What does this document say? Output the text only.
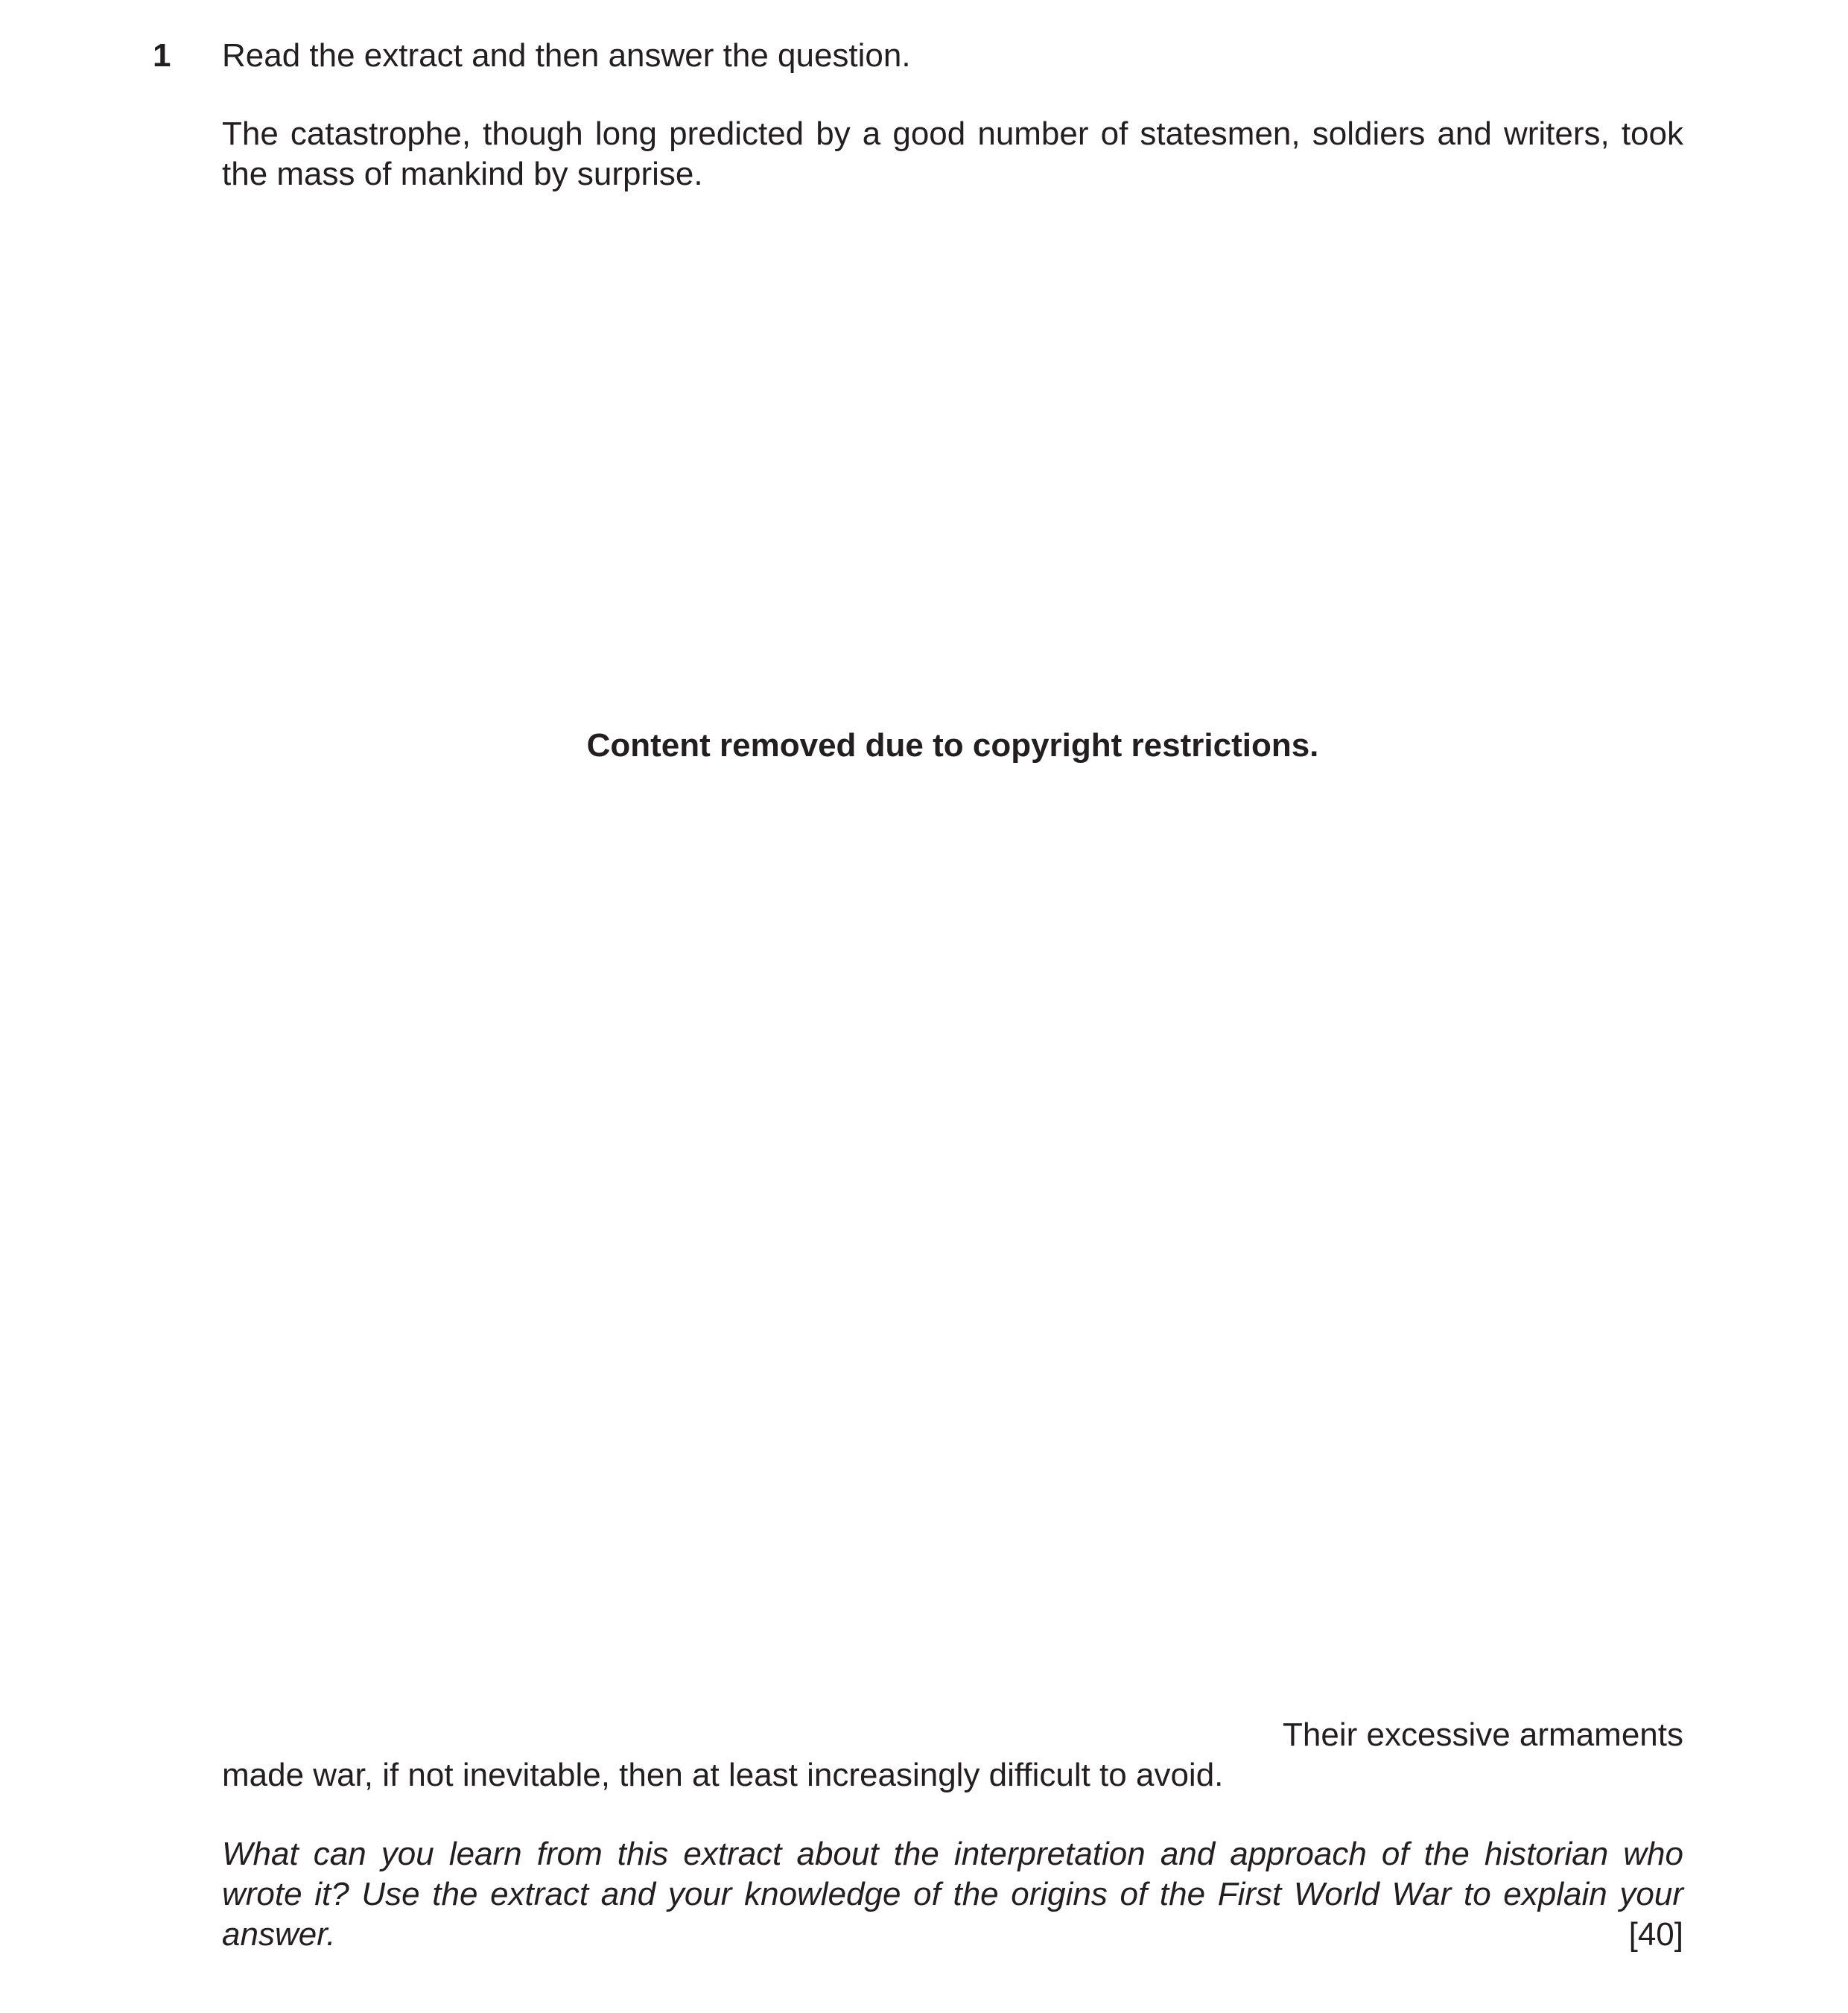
1 Read the extract and then answer the question.
The catastrophe, though long predicted by a good number of statesmen, soldiers and writers, took the mass of mankind by surprise.
Content removed due to copyright restrictions.
Their excessive armaments
made war, if not inevitable, then at least increasingly difficult to avoid.
What can you learn from this extract about the interpretation and approach of the historian who wrote it? Use the extract and your knowledge of the origins of the First World War to explain your answer.	[40]
